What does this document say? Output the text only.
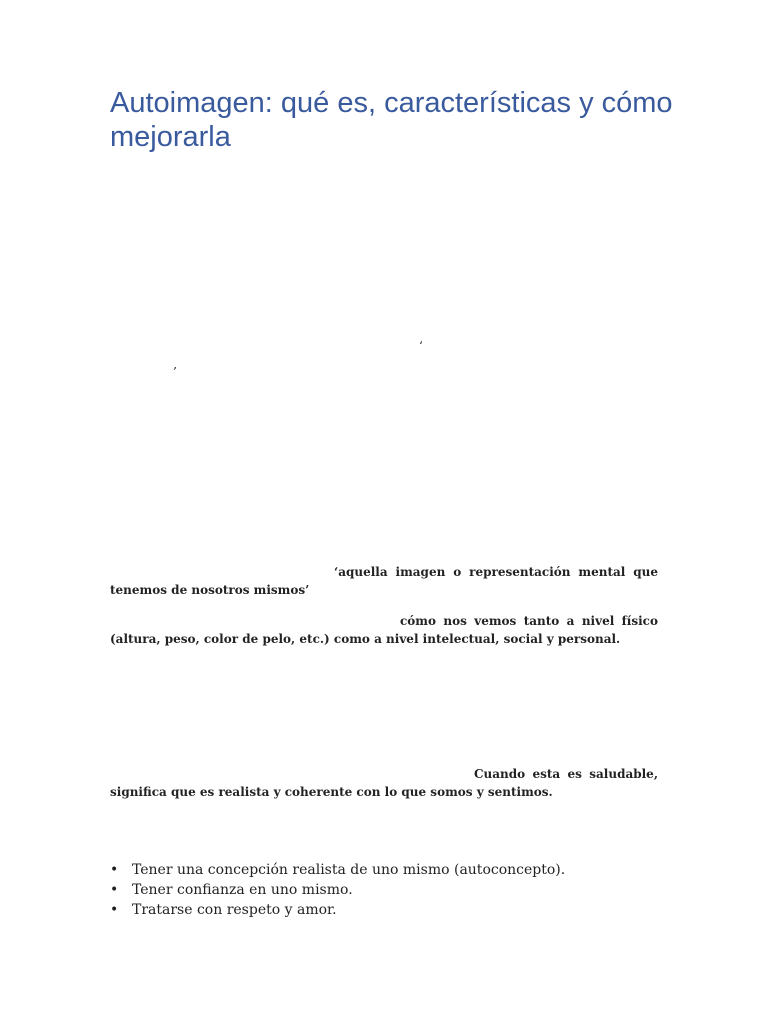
Autoimagen: qué es, características y cómo mejorarla
‘
’

‘aquella imagen o representación mental que tenemos de nosotros mismos’

cómo nos vemos tanto a nivel físico (altura, peso, color de pelo, etc.) como a nivel intelectual, social y personal.

Cuando esta es saludable, significa que es realista y coherente con lo que somos y sentimos.

• Tener una concepción realista de uno mismo (autoconcepto).
• Tener confianza en uno mismo.
• Tratarse con respeto y amor.
